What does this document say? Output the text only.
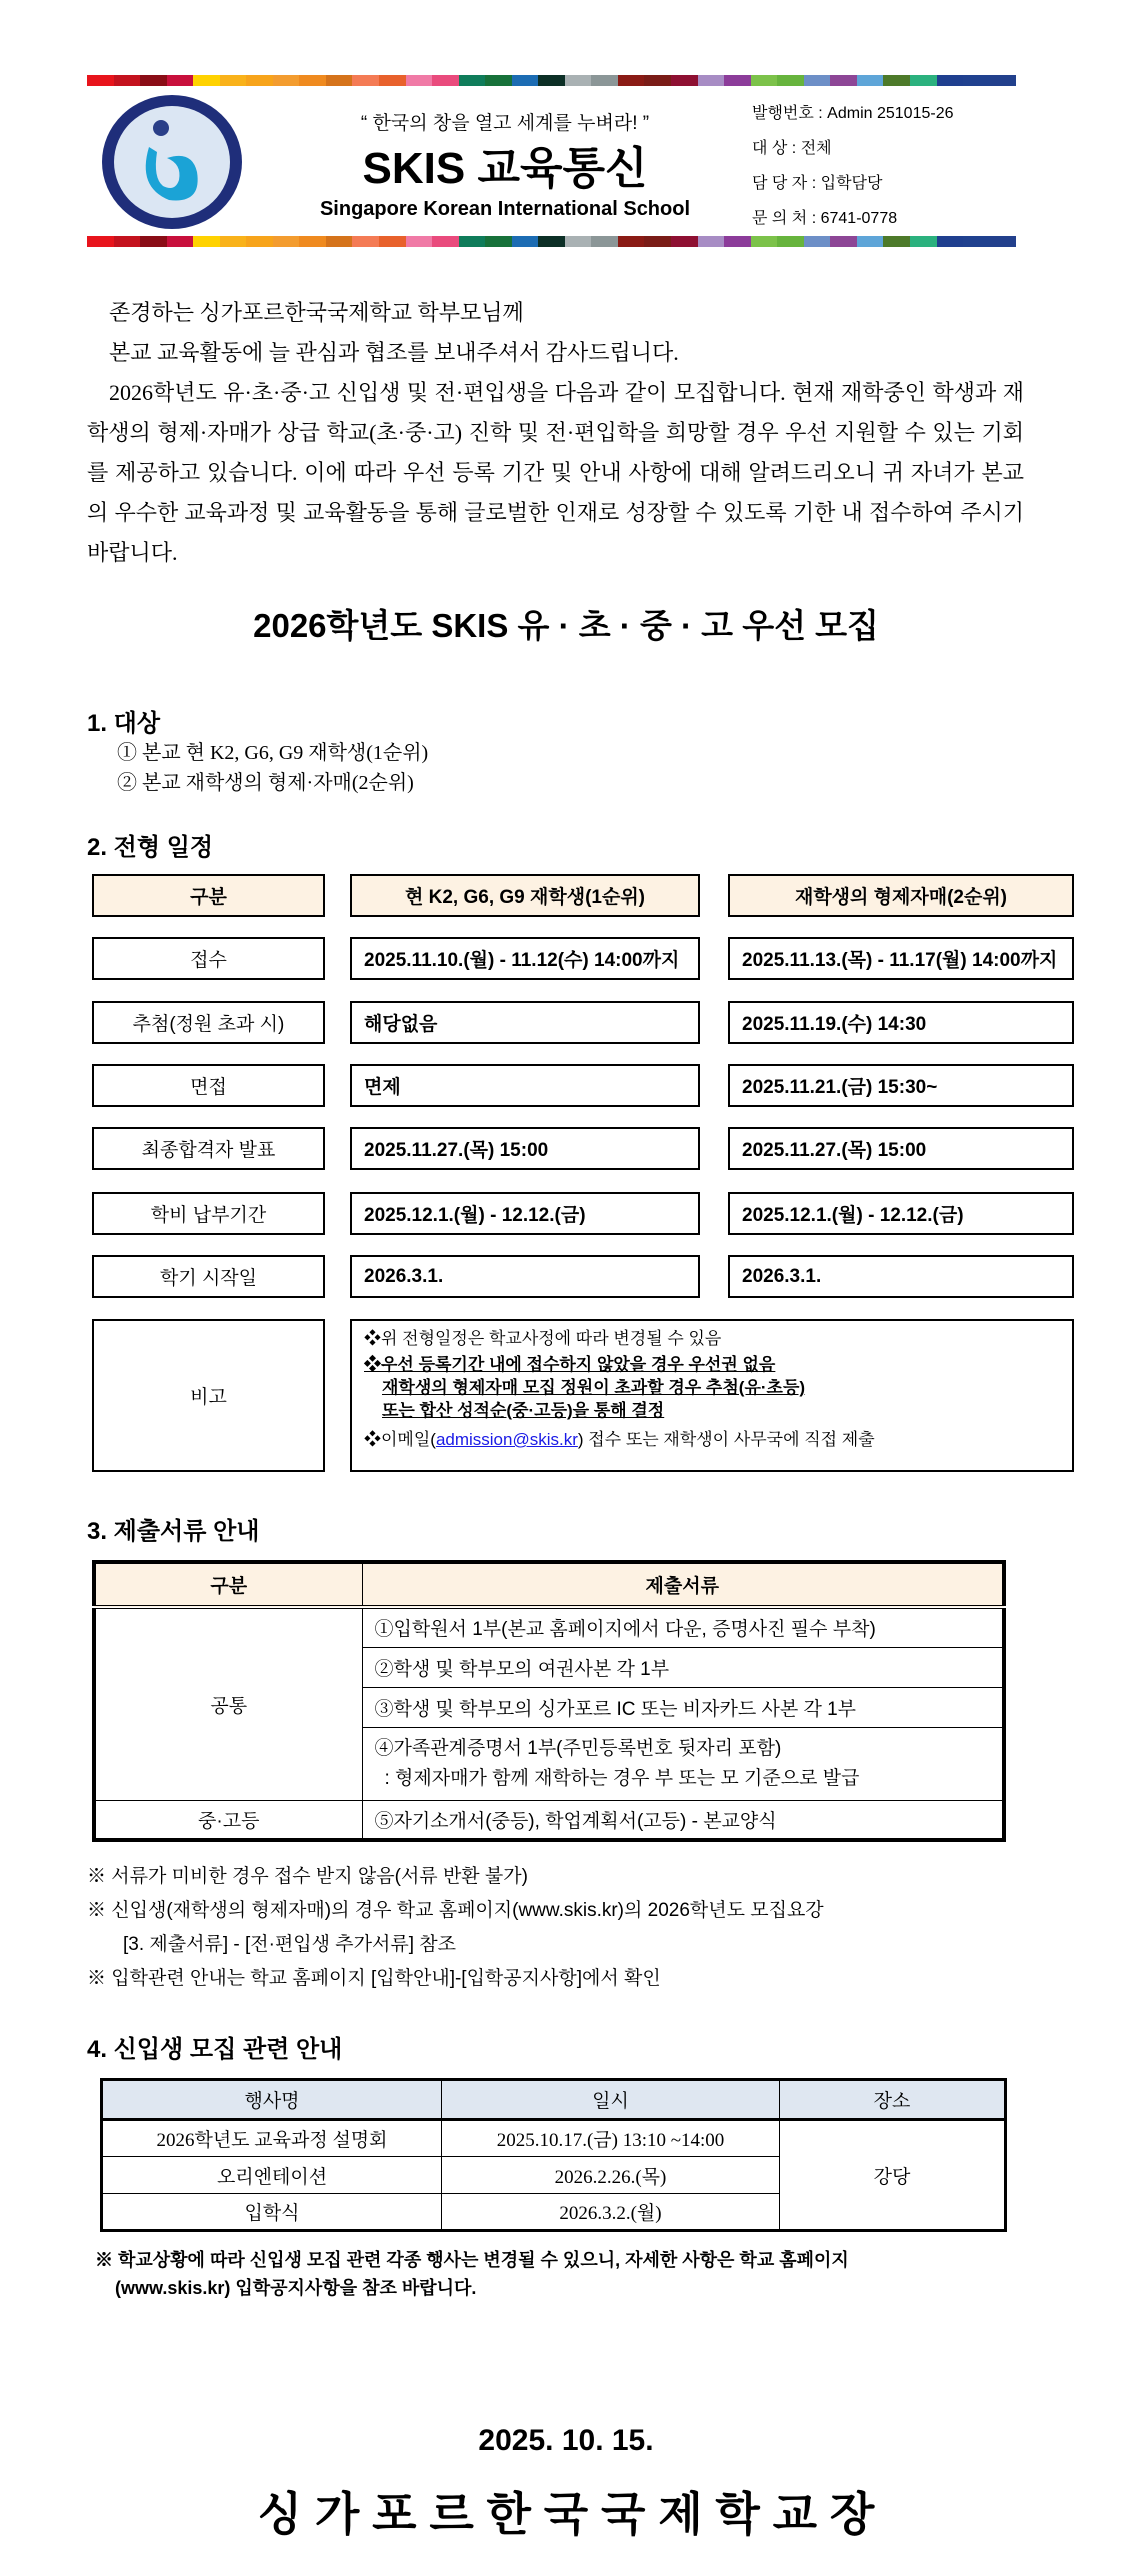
“ 한국의 창을 열고 세계를 누벼라! ”
SKIS 교육통신
Singapore Korean International School
발행번호 : Admin 251015-26
대 상 : 전체
담 당 자 : 입학담당
문 의 처 : 6741-0778

존경하는 싱가포르한국국제학교 학부모님께

본교 교육활동에 늘 관심과 협조를 보내주셔서 감사드립니다.

2026학년도 유·초·중·고 신입생 및 전·편입생을 다음과 같이 모집합니다. 현재 재학중인 학생과 재학생의 형제·자매가 상급 학교(초·중·고) 진학 및 전·편입학을 희망할 경우 우선 지원할 수 있는 기회를 제공하고 있습니다. 이에 따라 우선 등록 기간 및 안내 사항에 대해 알려드리오니 귀 자녀가 본교의 우수한 교육과정 및 교육활동을 통해 글로벌한 인재로 성장할 수 있도록 기한 내 접수하여 주시기 바랍니다.

2026학년도 SKIS 유 · 초 · 중 · 고 우선 모집
1. 대상
① 본교 현 K2, G6, G9 재학생(1순위)
② 본교 재학생의 형제·자매(2순위)
2. 전형 일정
구분	현 K2, G6, G9 재학생(1순위)	재학생의 형제자매(2순위)
접수	2025.11.10.(월) - 11.12(수) 14:00까지	2025.11.13.(목) - 11.17(월) 14:00까지
추첨(정원 초과 시)	해당없음	2025.11.19.(수) 14:30
면접	면제	2025.11.21.(금) 15:30~
최종합격자 발표	2025.11.27.(목) 15:00	2025.11.27.(목) 15:00
학비 납부기간	2025.12.1.(월) - 12.12.(금)	2025.12.1.(월) - 12.12.(금)
학기 시작일	2026.3.1.	2026.3.1.
비고
❖위 전형일정은 학교사정에 따라 변경될 수 있음
❖우선 등록기간 내에 접수하지 않았을 경우 우선권 없음
재학생의 형제자매 모집 정원이 초과할 경우 추첨(유·초등)
또는 합산 성적순(중·고등)을 통해 결정
❖이메일(admission@skis.kr) 접수 또는 재학생이 사무국에 직접 제출
3. 제출서류 안내
구분	제출서류
공통	①입학원서 1부(본교 홈페이지에서 다운, 증명사진 필수 부착)
	②학생 및 학부모의 여권사본 각 1부
	③학생 및 학부모의 싱가포르 IC 또는 비자카드 사본 각 1부

	④가족관계증명서 1부(주민등록번호 뒷자리 포함)
: 형제자매가 함께 재학하는 경우 부 또는 모 기준으로 발급

중·고등	⑤자기소개서(중등), 학업계획서(고등) - 본교양식
※ 서류가 미비한 경우 접수 받지 않음(서류 반환 불가)
※ 신입생(재학생의 형제자매)의 경우 학교 홈페이지(www.skis.kr)의 2026학년도 모집요강
[3. 제출서류] - [전·편입생 추가서류] 참조
※ 입학관련 안내는 학교 홈페이지 [입학안내]-[입학공지사항]에서 확인
4. 신입생 모집 관련 안내
행사명	일시	장소
2026학년도 교육과정 설명회	2025.10.17.(금) 13:10 ~14:00	강당
오리엔테이션	2026.2.26.(목)	
입학식	2026.3.2.(월)	
※ 학교상황에 따라 신입생 모집 관련 각종 행사는 변경될 수 있으니, 자세한 사항은 학교 홈페이지
(www.skis.kr) 입학공지사항을 참조 바랍니다.
2025. 10. 15.
싱 가 포 르 한 국 국 제 학 교 장
